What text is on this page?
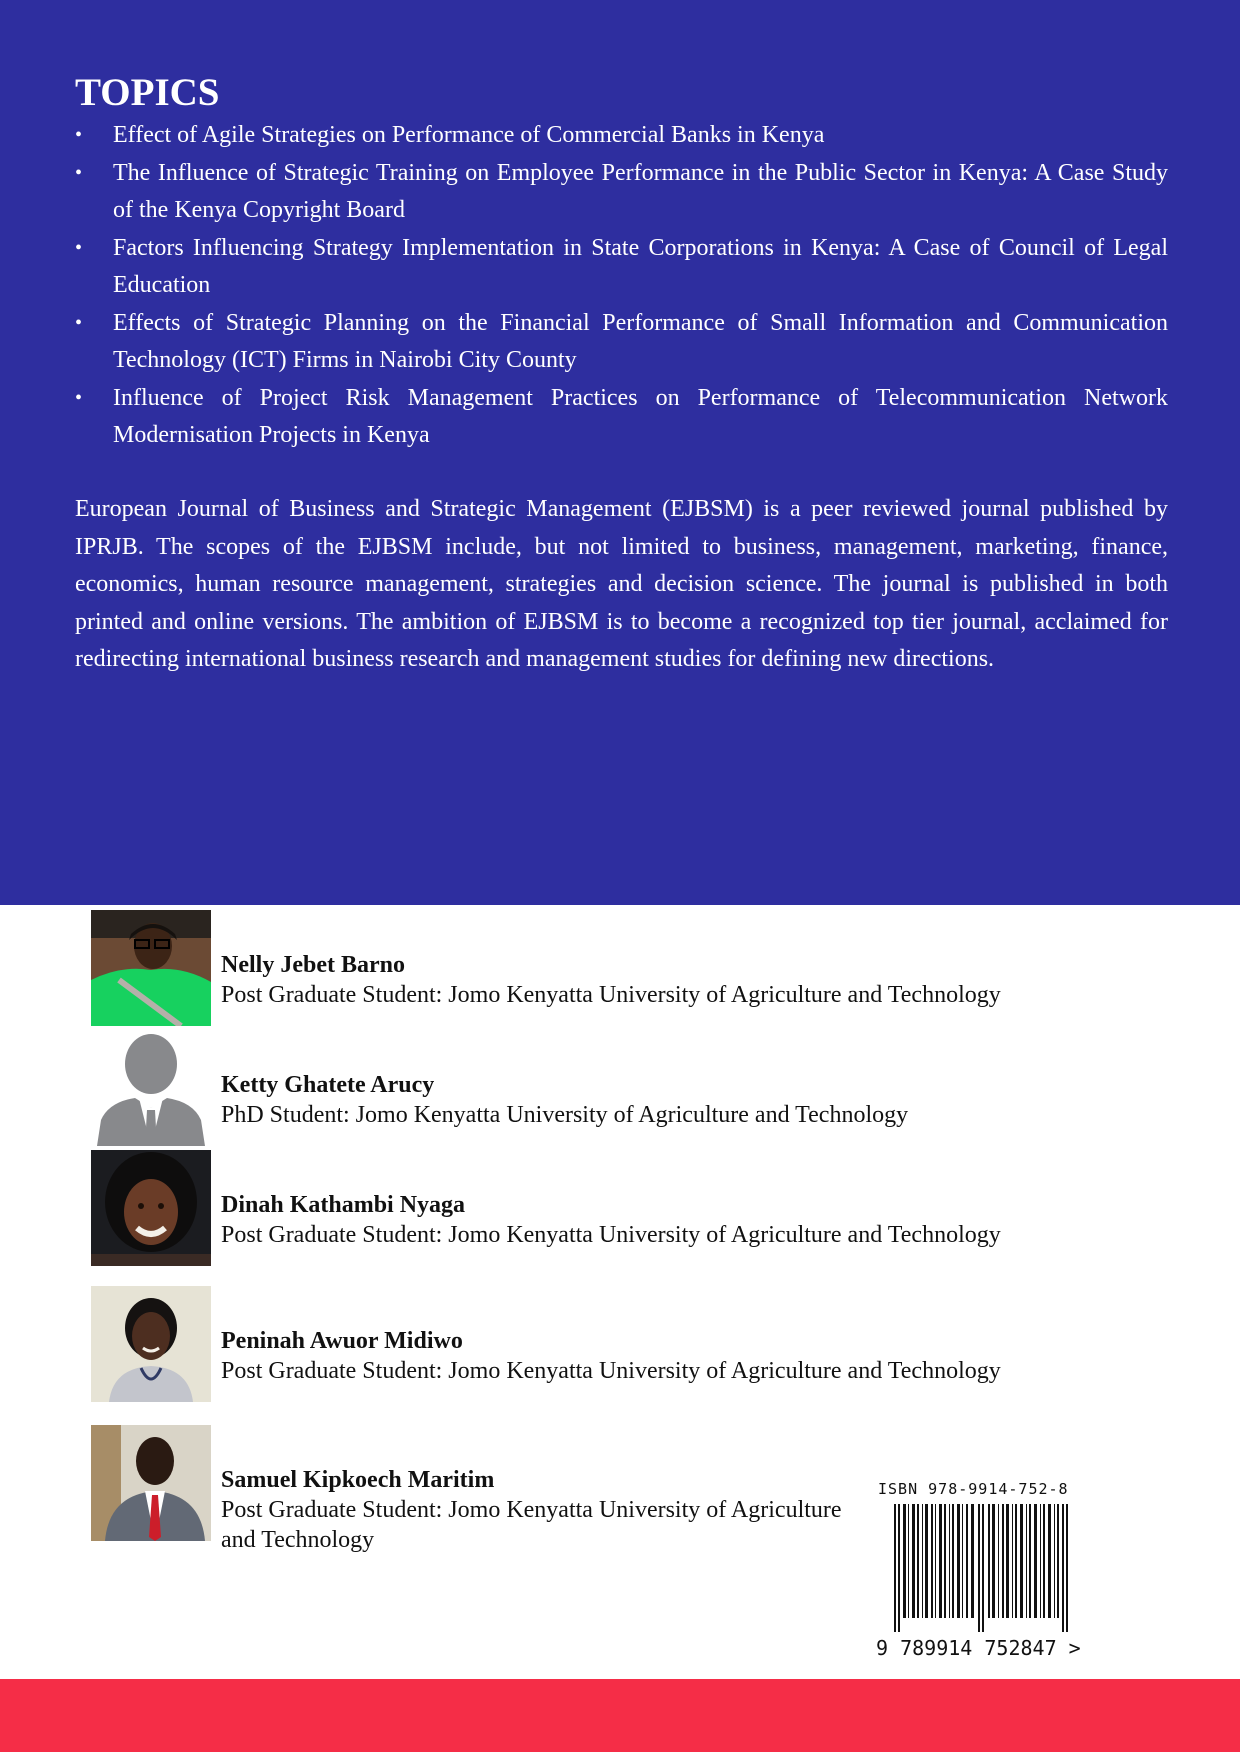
TOPICS
•	Effect of Agile Strategies on Performance of Commercial Banks in Kenya
•	The Influence of Strategic Training on Employee Performance in the Public Sector in Kenya: A Case Study of the Kenya Copyright Board
•	Factors Influencing Strategy Implementation in State Corporations in Kenya: A Case of Council of Legal Education
•	Effects of Strategic Planning on the Financial Performance of Small Information and Communication Technology (ICT) Firms in Nairobi City County
•	Influence of Project Risk Management Practices on Performance of Telecommunication Network Modernisation Projects in Kenya

European Journal of Business and Strategic Management (EJBSM) is a peer reviewed journal published by IPRJB. The scopes of the EJBSM include, but not limited to business, management, marketing, finance, economics, human resource management, strategies and decision science. The journal is published in both printed and online versions. The ambition of EJBSM is to become a recognized top tier journal, acclaimed for redirecting international business research and management studies for defining new directions.

Nelly Jebet Barno
Post Graduate Student: Jomo Kenyatta University of Agriculture and Technology
Ketty Ghatete Arucy
PhD Student: Jomo Kenyatta University of Agriculture and Technology
Dinah Kathambi Nyaga
Post Graduate Student: Jomo Kenyatta University of Agriculture and Technology
Peninah Awuor Midiwo
Post Graduate Student: Jomo Kenyatta University of Agriculture and Technology
Samuel Kipkoech Maritim
Post Graduate Student: Jomo Kenyatta University of Agriculture
and Technology
ISBN 978-9914-752-8
9 789914 752847 >
